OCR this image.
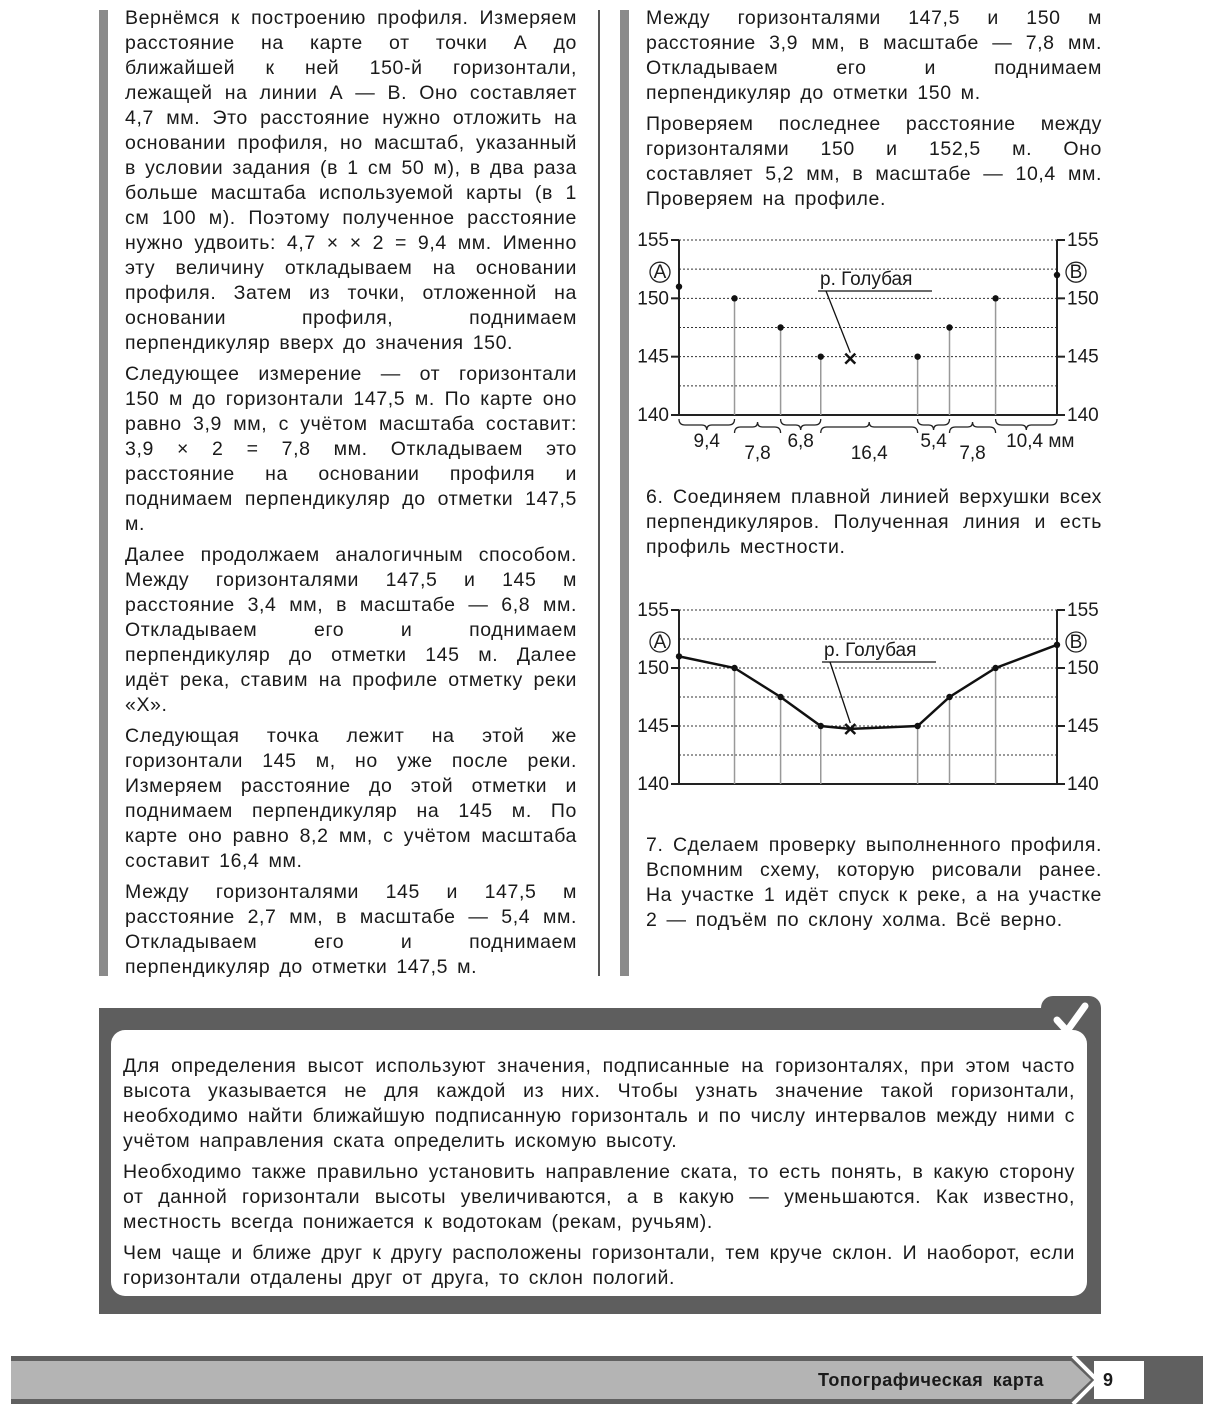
Вернёмся к построению профиля. Измеряем расстояние на карте от точки А до ближайшей к ней 150-й горизонтали, лежащей на линии А — В. Оно составляет 4,7 мм. Это расстояние нужно отложить на основании профиля, но масштаб, указанный в условии задания (в 1 см 50 м), в два раза больше масштаба используемой карты (в 1 см 100 м). Поэтому полученное расстояние нужно удвоить: 4,7 × × 2 = 9,4 мм. Именно эту величину откладываем на основании профиля. Затем из точки, отложенной на основании профиля, поднимаем перпендикуляр вверх до значения 150.

Следующее измерение — от горизонтали 150 м до горизонтали 147,5 м. По карте оно равно 3,9 мм, с учётом масштаба составит: 3,9 × 2 = 7,8 мм. Откладываем это расстояние на основании профиля и поднимаем перпендикуляр до отметки 147,5 м.

Далее продолжаем аналогичным способом. Между горизонталями 147,5 и 145 м расстояние 3,4 мм, в масштабе — 6,8 мм. Откладываем его и поднимаем перпендикуляр до отметки 145 м. Далее идёт река, ставим на профиле отметку реки «Х».

Следующая точка лежит на этой же горизонтали 145 м, но уже после реки. Измеряем расстояние до этой отметки и поднимаем перпендикуляр на 145 м. По карте оно равно 8,2 мм, с учётом масштаба составит 16,4 мм.

Между горизонталями 145 и 147,5 м расстояние 2,7 мм, в масштабе — 5,4 мм. Откладываем его и поднимаем перпендикуляр до отметки 147,5 м.

Между горизонталями 147,5 и 150 м расстояние 3,9 мм, в масштабе — 7,8 мм. Откладываем его и поднимаем перпендикуляр до отметки 150 м.

Проверяем последнее расстояние между горизонталями 150 и 152,5 м. Оно составляет 5,2 мм, в масштабе — 10,4 мм. Проверяем на профиле.

155	155
150	150
145	145
140	140
A	B
р. Голубая
9,4
7,8
6,8
16,4
5,4
7,8
10,4 мм

6. Соединяем плавной линией верхушки всех перпендикуляров. Полученная линия и есть профиль местности.

155	155
150	150
145	145
140	140
A	B
р. Голубая

7. Сделаем проверку выполненного профиля. Вспомним схему, которую рисовали ранее. На участке 1 идёт спуск к реке, а на участке 2 — подъём по склону холма. Всё верно.

Для определения высот используют значения, подписанные на горизонталях, при этом часто высота указывается не для каждой из них. Чтобы узнать значение такой горизонтали, необходимо найти ближайшую подписанную горизонталь и по числу интервалов между ними с учётом направления ската определить искомую высоту.

Необходимо также правильно установить направление ската, то есть понять, в какую сторону от данной горизонтали высоты увеличиваются, а в какую — уменьшаются. Как известно, местность всегда понижается к водотокам (рекам, ручьям).

Чем чаще и ближе друг к другу расположены горизонтали, тем круче склон. И наоборот, если горизонтали отдалены друг от друга, то склон пологий.

Топографическая карта	9
